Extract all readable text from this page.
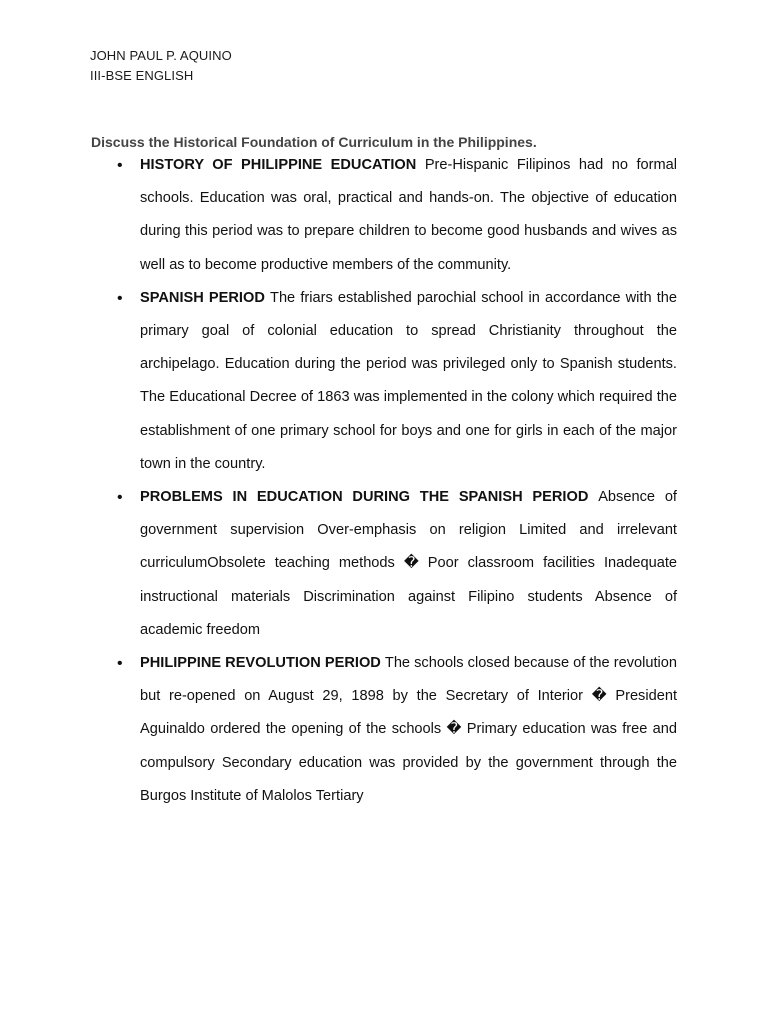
JOHN PAUL P. AQUINO
III-BSE ENGLISH
Discuss the Historical Foundation of Curriculum in the Philippines.
• HISTORY OF PHILIPPINE EDUCATION Pre-Hispanic Filipinos had no formal schools. Education was oral, practical and hands-on. The objective of education during this period was to prepare children to become good husbands and wives as well as to become productive members of the community.
• SPANISH PERIOD The friars established parochial school in accordance with the primary goal of colonial education to spread Christianity throughout the archipelago. Education during the period was privileged only to Spanish students. The Educational Decree of 1863 was implemented in the colony which required the establishment of one primary school for boys and one for girls in each of the major town in the country.
• PROBLEMS IN EDUCATION DURING THE SPANISH PERIOD Absence of government supervision Over-emphasis on religion Limited and irrelevant curriculumObsolete teaching methods � Poor classroom facilities Inadequate instructional materials Discrimination against Filipino students Absence of academic freedom
• PHILIPPINE REVOLUTION PERIOD The schools closed because of the revolution but re-opened on August 29, 1898 by the Secretary of Interior � President Aguinaldo ordered the opening of the schools � Primary education was free and compulsory Secondary education was provided by the government through the Burgos Institute of Malolos Tertiary
